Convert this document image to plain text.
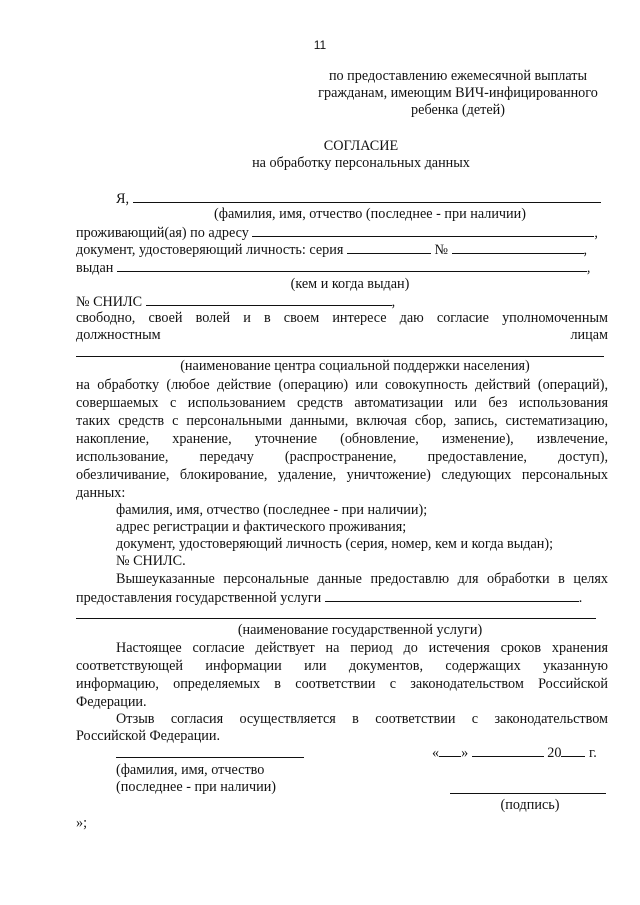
11
по предоставлению ежемесячной выплаты
гражданам, имеющим ВИЧ-инфицированного
ребенка (детей)
СОГЛАСИЕ
на обработку персональных данных
Я,
(фамилия, имя, отчество (последнее - при наличии)
проживающий(ая) по адресу	,
документ, удостоверяющий личность: серия	№	,
выдан	,
(кем и когда выдан)
№ СНИЛС	,
свободно, своей волей и в своем интересе даю согласие уполномоченным
должностным	лицам
(наименование центра социальной поддержки населения)
на обработку (любое действие (операцию) или совокупность действий (операций),
совершаемых с использованием средств автоматизации или без использования
таких средств с персональными данными, включая сбор, запись, систематизацию,
накопление, хранение, уточнение (обновление, изменение), извлечение,
использование, передачу (распространение, предоставление, доступ),
обезличивание, блокирование, удаление, уничтожение) следующих персональных
данных:
фамилия, имя, отчество (последнее - при наличии);
адрес регистрации и фактического проживания;
документ, удостоверяющий личность (серия, номер, кем и когда выдан);
№ СНИЛС.
Вышеуказанные персональные данные предоставлю для обработки в целях
предоставления государственной услуги	.
(наименование государственной услуги)
Настоящее согласие действует на период до истечения сроков хранения
соответствующей информации или документов, содержащих указанную
информацию, определяемых в соответствии с законодательством Российской
Федерации.
Отзыв согласия осуществляется в соответствии с законодательством
Российской Федерации.
« »	20 г.
(фамилия, имя, отчество
(последнее - при наличии)
(подпись)
»;
